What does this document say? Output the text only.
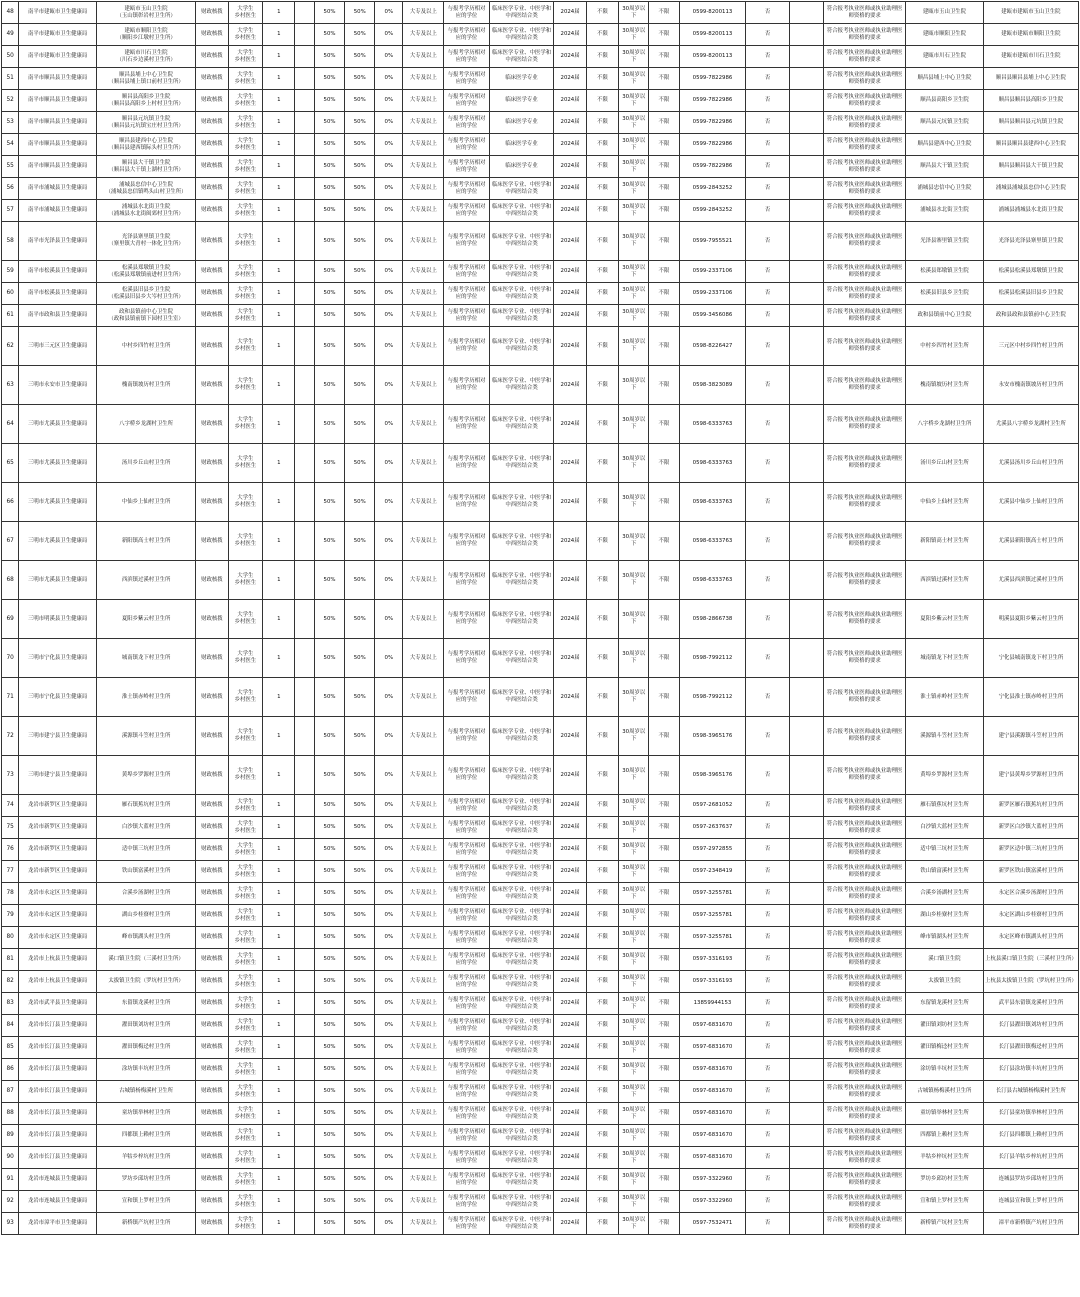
48	南平市建瓯市卫生健康局	建瓯市玉山卫生院
（玉山镇彰岩村卫生所）	财政核拨	大学生
乡村医生	1		50%	50%	0%	大专及以上	与报考学历相对应的学位	临床医学专业、中医学和中西医结合类	2024届	不限	30周岁以下	不限	0599-8200113	否		符合报考执业医师或执业助理医师资格的要求	建瓯市玉山卫生院	建瓯市建瓯市玉山卫生院
49	南平市建瓯市卫生健康局	建瓯市顺阳卫生院
（顺阳乡江墩村卫生所）	财政核拨	大学生
乡村医生	1		50%	50%	0%	大专及以上	与报考学历相对应的学位	临床医学专业、中医学和中西医结合类	2024届	不限	30周岁以下	不限	0599-8200113	否		符合报考执业医师或执业助理医师资格的要求	建瓯市顺阳卫生院	建瓯市建瓯市顺阳卫生院
50	南平市建瓯市卫生健康局	建瓯市川石卫生院
（川石乡边溪村卫生所）	财政核拨	大学生
乡村医生	1		50%	50%	0%	大专及以上	与报考学历相对应的学位	临床医学专业、中医学和中西医结合类	2024届	不限	30周岁以下	不限	0599-8200113	否		符合报考执业医师或执业助理医师资格的要求	建瓯市川石卫生院	建瓯市建瓯市川石卫生院
51	南平市顺昌县卫生健康局	顺昌县埔上中心卫生院
（顺昌县埔上镇口前村卫生所）	财政核拨	大学生
乡村医生	1		50%	50%	0%	大专及以上	与报考学历相对应的学位	临床医学专业	2024届	不限	30周岁以下	不限	0599-7822986	否		符合报考执业医师或执业助理医师资格的要求	顺昌县埔上中心卫生院	顺昌县顺昌县埔上中心卫生院
52	南平市顺昌县卫生健康局	顺昌县高阳乡卫生院
（顺昌县高阳乡上村村卫生所）	财政核拨	大学生
乡村医生	1		50%	50%	0%	大专及以上	与报考学历相对应的学位	临床医学专业	2024届	不限	30周岁以下	不限	0599-7822986	否		符合报考执业医师或执业助理医师资格的要求	顺昌县高阳乡卫生院	顺昌县顺昌县高阳乡卫生院
53	南平市顺昌县卫生健康局	顺昌县元坑镇卫生院
（顺昌县元坑镇宝庄村卫生所）	财政核拨	大学生
乡村医生	1		50%	50%	0%	大专及以上	与报考学历相对应的学位	临床医学专业	2024届	不限	30周岁以下	不限	0599-7822986	否		符合报考执业医师或执业助理医师资格的要求	顺昌县元坑镇卫生院	顺昌县顺昌县元坑镇卫生院
54	南平市顺昌县卫生健康局	顺昌县建西中心卫生院
（顺昌县建西镇际头村卫生所）	财政核拨	大学生
乡村医生	1		50%	50%	0%	大专及以上	与报考学历相对应的学位	临床医学专业	2024届	不限	30周岁以下	不限	0599-7822986	否		符合报考执业医师或执业助理医师资格的要求	顺昌县建西中心卫生院	顺昌县顺昌县建西中心卫生院
55	南平市顺昌县卫生健康局	顺昌县大干镇卫生院
（顺昌县大干镇上湖村卫生所）	财政核拨	大学生
乡村医生	1		50%	50%	0%	大专及以上	与报考学历相对应的学位	临床医学专业	2024届	不限	30周岁以下	不限	0599-7822986	否		符合报考执业医师或执业助理医师资格的要求	顺昌县大干镇卫生院	顺昌县顺昌县大干镇卫生院
56	南平市浦城县卫生健康局	浦城县忠信中心卫生院
（浦城县忠信镇鸣头山村卫生所）	财政核拨	大学生
乡村医生	1		50%	50%	0%	大专及以上	与报考学历相对应的学位	临床医学专业、中医学和中西医结合类	2024届	不限	30周岁以下	不限	0599-2843252	否		符合报考执业医师或执业助理医师资格的要求	浦城县忠信中心卫生院	浦城县浦城县忠信中心卫生院
57	南平市浦城县卫生健康局	浦城县水北街卫生院
（浦城县水北街闽郊村卫生所）	财政核拨	大学生
乡村医生	1		50%	50%	0%	大专及以上	与报考学历相对应的学位	临床医学专业、中医学和中西医结合类	2024届	不限	30周岁以下	不限	0599-2843252	否		符合报考执业医师或执业助理医师资格的要求	浦城县水北街卫生院	浦城县浦城县水北街卫生院
58	南平市光泽县卫生健康局	光泽县寨里镇卫生院
（寨里镇大青村一体化卫生所）	财政核拨	大学生
乡村医生	1		50%	50%	0%	大专及以上	与报考学历相对应的学位	临床医学专业、中医学和中西医结合类	2024届	不限	30周岁以下	不限	0599-7955521	否		符合报考执业医师或执业助理医师资格的要求	光泽县寨里镇卫生院	光泽县光泽县寨里镇卫生院
59	南平市松溪县卫生健康局	松溪县郑墩镇卫生院
（松溪县郑墩镇前进村卫生所）	财政核拨	大学生
乡村医生	1		50%	50%	0%	大专及以上	与报考学历相对应的学位	临床医学专业、中医学和中西医结合类	2024届	不限	30周岁以下	不限	0599-2337106	否		符合报考执业医师或执业助理医师资格的要求	松溪县郑墩镇卫生院	松溪县松溪县郑墩镇卫生院
60	南平市松溪县卫生健康局	松溪县旧县乡卫生院
（松溪县旧县乡大岑村卫生所）	财政核拨	大学生
乡村医生	1		50%	50%	0%	大专及以上	与报考学历相对应的学位	临床医学专业、中医学和中西医结合类	2024届	不限	30周岁以下	不限	0599-2337106	否		符合报考执业医师或执业助理医师资格的要求	松溪县旧县乡卫生院	松溪县松溪县旧县乡卫生院
61	南平市政和县卫生健康局	政和县镇前中心卫生院
（政和县镇前镇下园村卫生室）	财政核拨	大学生
乡村医生	1		50%	50%	0%	大专及以上	与报考学历相对应的学位	临床医学专业、中医学和中西医结合类	2024届	不限	30周岁以下	不限	0599-3456086	否		符合报考执业医师或执业助理医师资格的要求	政和县镇前中心卫生院	政和县政和县镇前中心卫生院
62	三明市三元区卫生健康局	中村乡四竹村卫生所	财政核拨	大学生
乡村医生	1		50%	50%	0%	大专及以上	与报考学历相对应的学位	临床医学专业、中医学和中西医结合类	2024届	不限	30周岁以下	不限	0598-8226427	否		符合报考执业医师或执业助理医师资格的要求	中村乡四竹村卫生所	三元区中村乡四竹村卫生所
63	三明市永安市卫生健康局	槐南镇坡历村卫生所	财政核拨	大学生
乡村医生	1		50%	50%	0%	大专及以上	与报考学历相对应的学位	临床医学专业、中医学和中西医结合类	2024届	不限	30周岁以下	不限	0598-3823089	否		符合报考执业医师或执业助理医师资格的要求	槐南镇坡历村卫生所	永安市槐南镇坡历村卫生所
64	三明市尤溪县卫生健康局	八字桥乡龙湖村卫生所	财政核拨	大学生
乡村医生	1		50%	50%	0%	大专及以上	与报考学历相对应的学位	临床医学专业、中医学和中西医结合类	2024届	不限	30周岁以下	不限	0598-6333763	否		符合报考执业医师或执业助理医师资格的要求	八字桥乡龙湖村卫生所	尤溪县八字桥乡龙湖村卫生所
65	三明市尤溪县卫生健康局	汤川乡丘山村卫生所	财政核拨	大学生
乡村医生	1		50%	50%	0%	大专及以上	与报考学历相对应的学位	临床医学专业、中医学和中西医结合类	2024届	不限	30周岁以下	不限	0598-6333763	否		符合报考执业医师或执业助理医师资格的要求	汤川乡丘山村卫生所	尤溪县汤川乡丘山村卫生所
66	三明市尤溪县卫生健康局	中仙乡上仙村卫生所	财政核拨	大学生
乡村医生	1		50%	50%	0%	大专及以上	与报考学历相对应的学位	临床医学专业、中医学和中西医结合类	2024届	不限	30周岁以下	不限	0598-6333763	否		符合报考执业医师或执业助理医师资格的要求	中仙乡上仙村卫生所	尤溪县中仙乡上仙村卫生所
67	三明市尤溪县卫生健康局	新阳镇高士村卫生所	财政核拨	大学生
乡村医生	1		50%	50%	0%	大专及以上	与报考学历相对应的学位	临床医学专业、中医学和中西医结合类	2024届	不限	30周岁以下	不限	0598-6333763	否		符合报考执业医师或执业助理医师资格的要求	新阳镇高士村卫生所	尤溪县新阳镇高士村卫生所
68	三明市尤溪县卫生健康局	西滨镇过溪村卫生所	财政核拨	大学生
乡村医生	1		50%	50%	0%	大专及以上	与报考学历相对应的学位	临床医学专业、中医学和中西医结合类	2024届	不限	30周岁以下	不限	0598-6333763	否		符合报考执业医师或执业助理医师资格的要求	西滨镇过溪村卫生所	尤溪县西滨镇过溪村卫生所
69	三明市明溪县卫生健康局	夏阳乡紫云村卫生所	财政核拨	大学生
乡村医生	1		50%	50%	0%	大专及以上	与报考学历相对应的学位	临床医学专业、中医学和中西医结合类	2024届	不限	30周岁以下	不限	0598-2866738	否		符合报考执业医师或执业助理医师资格的要求	夏阳乡紫云村卫生所	明溪县夏阳乡紫云村卫生所
70	三明市宁化县卫生健康局	城南镇龙下村卫生所	财政核拨	大学生
乡村医生	1		50%	50%	0%	大专及以上	与报考学历相对应的学位	临床医学专业、中医学和中西医结合类	2024届	不限	30周岁以下	不限	0598-7992112	否		符合报考执业医师或执业助理医师资格的要求	城南镇龙下村卫生所	宁化县城南镇龙下村卫生所
71	三明市宁化县卫生健康局	淮土镇赤岭村卫生所	财政核拨	大学生
乡村医生	1		50%	50%	0%	大专及以上	与报考学历相对应的学位	临床医学专业、中医学和中西医结合类	2024届	不限	30周岁以下	不限	0598-7992112	否		符合报考执业医师或执业助理医师资格的要求	淮土镇赤岭村卫生所	宁化县淮土镇赤岭村卫生所
72	三明市建宁县卫生健康局	溪源镇斗笠村卫生所	财政核拨	大学生
乡村医生	1		50%	50%	0%	大专及以上	与报考学历相对应的学位	临床医学专业、中医学和中西医结合类	2024届	不限	30周岁以下	不限	0598-3965176	否		符合报考执业医师或执业助理医师资格的要求	溪源镇斗笠村卫生所	建宁县溪源镇斗笠村卫生所
73	三明市建宁县卫生健康局	黄埠乡罗源村卫生所	财政核拨	大学生
乡村医生	1		50%	50%	0%	大专及以上	与报考学历相对应的学位	临床医学专业、中医学和中西医结合类	2024届	不限	30周岁以下	不限	0598-3965176	否		符合报考执业医师或执业助理医师资格的要求	黄埠乡罗源村卫生所	建宁县黄埠乡罗源村卫生所
74	龙岩市新罗区卫生健康局	雁石镇蕉坑村卫生所	财政核拨	大学生
乡村医生	1		50%	50%	0%	大专及以上	与报考学历相对应的学位	临床医学专业、中医学和中西医结合类	2024届	不限	30周岁以下	不限	0597-2681052	否		符合报考执业医师或执业助理医师资格的要求	雁石镇蕉坑村卫生所	新罗区雁石镇蕉坑村卫生所
75	龙岩市新罗区卫生健康局	白沙镇大蓝村卫生所	财政核拨	大学生
乡村医生	1		50%	50%	0%	大专及以上	与报考学历相对应的学位	临床医学专业、中医学和中西医结合类	2024届	不限	30周岁以下	不限	0597-2637637	否		符合报考执业医师或执业助理医师资格的要求	白沙镇大蓝村卫生所	新罗区白沙镇大蓝村卫生所
76	龙岩市新罗区卫生健康局	适中镇三坑村卫生所	财政核拨	大学生
乡村医生	1		50%	50%	0%	大专及以上	与报考学历相对应的学位	临床医学专业、中医学和中西医结合类	2024届	不限	30周岁以下	不限	0597-2972855	否		符合报考执业医师或执业助理医师资格的要求	适中镇三坑村卫生所	新罗区适中镇三坑村卫生所
77	龙岩市新罗区卫生健康局	铁山镇富溪村卫生所	财政核拨	大学生
乡村医生	1		50%	50%	0%	大专及以上	与报考学历相对应的学位	临床医学专业、中医学和中西医结合类	2024届	不限	30周岁以下	不限	0597-2348419	否		符合报考执业医师或执业助理医师资格的要求	铁山镇富溪村卫生所	新罗区铁山镇富溪村卫生所
78	龙岩市永定区卫生健康局	合溪乡汤湖村卫生所	财政核拨	大学生
乡村医生	1		50%	50%	0%	大专及以上	与报考学历相对应的学位	临床医学专业、中医学和中西医结合类	2024届	不限	30周岁以下	不限	0597-3255781	否		符合报考执业医师或执业助理医师资格的要求	合溪乡汤湖村卫生所	永定区合溪乡汤湖村卫生所
79	龙岩市永定区卫生健康局	湖山乡桂寮村卫生所	财政核拨	大学生
乡村医生	1		50%	50%	0%	大专及以上	与报考学历相对应的学位	临床医学专业、中医学和中西医结合类	2024届	不限	30周岁以下	不限	0597-3255781	否		符合报考执业医师或执业助理医师资格的要求	湖山乡桂寮村卫生所	永定区湖山乡桂寮村卫生所
80	龙岩市永定区卫生健康局	峰市镇湖头村卫生所	财政核拨	大学生
乡村医生	1		50%	50%	0%	大专及以上	与报考学历相对应的学位	临床医学专业、中医学和中西医结合类	2024届	不限	30周岁以下	不限	0597-3255781	否		符合报考执业医师或执业助理医师资格的要求	峰市镇湖头村卫生所	永定区峰市镇湖头村卫生所
81	龙岩市上杭县卫生健康局	溪口镇卫生院（三溪村卫生所）	财政核拨	大学生
乡村医生	1		50%	50%	0%	大专及以上	与报考学历相对应的学位	临床医学专业、中医学和中西医结合类	2024届	不限	30周岁以下	不限	0597-3316193	否		符合报考执业医师或执业助理医师资格的要求	溪口镇卫生院	上杭县溪口镇卫生院（三溪村卫生所）
82	龙岩市上杭县卫生健康局	太拔镇卫生院（罗坑村卫生所）	财政核拨	大学生
乡村医生	1		50%	50%	0%	大专及以上	与报考学历相对应的学位	临床医学专业、中医学和中西医结合类	2024届	不限	30周岁以下	不限	0597-3316193	否		符合报考执业医师或执业助理医师资格的要求	太拔镇卫生院	上杭县太拔镇卫生院（罗坑村卫生所）
83	龙岩市武平县卫生健康局	东留镇龙溪村卫生所	财政核拨	大学生
乡村医生	1		50%	50%	0%	大专及以上	与报考学历相对应的学位	临床医学专业、中医学和中西医结合类	2024届	不限	30周岁以下	不限	13859944153	否		符合报考执业医师或执业助理医师资格的要求	东留镇龙溪村卫生所	武平县东留镇龙溪村卫生所
84	龙岩市长汀县卫生健康局	濯田镇刘坊村卫生所	财政核拨	大学生
乡村医生	1		50%	50%	0%	大专及以上	与报考学历相对应的学位	临床医学专业、中医学和中西医结合类	2024届	不限	30周岁以下	不限	0597-6831670	否		符合报考执业医师或执业助理医师资格的要求	濯田镇刘坊村卫生所	长汀县濯田镇刘坊村卫生所
85	龙岩市长汀县卫生健康局	濯田镇梅迳村卫生所	财政核拨	大学生
乡村医生	1		50%	50%	0%	大专及以上	与报考学历相对应的学位	临床医学专业、中医学和中西医结合类	2024届	不限	30周岁以下	不限	0597-6831670	否		符合报考执业医师或执业助理医师资格的要求	濯田镇梅迳村卫生所	长汀县濯田镇梅迳村卫生所
86	龙岩市长汀县卫生健康局	涂坊镇丰坑村卫生所	财政核拨	大学生
乡村医生	1		50%	50%	0%	大专及以上	与报考学历相对应的学位	临床医学专业、中医学和中西医结合类	2024届	不限	30周岁以下	不限	0597-6831670	否		符合报考执业医师或执业助理医师资格的要求	涂坊镇丰坑村卫生所	长汀县涂坊镇丰坑村卫生所
87	龙岩市长汀县卫生健康局	古城镇杨梅溪村卫生所	财政核拨	大学生
乡村医生	1		50%	50%	0%	大专及以上	与报考学历相对应的学位	临床医学专业、中医学和中西医结合类	2024届	不限	30周岁以下	不限	0597-6831670	否		符合报考执业医师或执业助理医师资格的要求	古城镇杨梅溪村卫生所	长汀县古城镇杨梅溪村卫生所
88	龙岩市长汀县卫生健康局	童坊镇举林村卫生所	财政核拨	大学生
乡村医生	1		50%	50%	0%	大专及以上	与报考学历相对应的学位	临床医学专业、中医学和中西医结合类	2024届	不限	30周岁以下	不限	0597-6831670	否		符合报考执业医师或执业助理医师资格的要求	童坊镇举林村卫生所	长汀县童坊镇举林村卫生所
89	龙岩市长汀县卫生健康局	四都镇上赖村卫生所	财政核拨	大学生
乡村医生	1		50%	50%	0%	大专及以上	与报考学历相对应的学位	临床医学专业、中医学和中西医结合类	2024届	不限	30周岁以下	不限	0597-6831670	否		符合报考执业医师或执业助理医师资格的要求	四都镇上赖村卫生所	长汀县四都镇上赖村卫生所
90	龙岩市长汀县卫生健康局	羊牯乡梓坑村卫生所	财政核拨	大学生
乡村医生	1		50%	50%	0%	大专及以上	与报考学历相对应的学位	临床医学专业、中医学和中西医结合类	2024届	不限	30周岁以下	不限	0597-6831670	否		符合报考执业医师或执业助理医师资格的要求	羊牯乡梓坑村卫生所	长汀县羊牯乡梓坑村卫生所
91	龙岩市连城县卫生健康局	罗坊乡邱坊村卫生所	财政核拨	大学生
乡村医生	1		50%	50%	0%	大专及以上	与报考学历相对应的学位	临床医学专业、中医学和中西医结合类	2024届	不限	30周岁以下	不限	0597-3322960	否		符合报考执业医师或执业助理医师资格的要求	罗坊乡邱坊村卫生所	连城县罗坊乡邱坊村卫生所
92	龙岩市连城县卫生健康局	宣和镇上罗村卫生所	财政核拨	大学生
乡村医生	1		50%	50%	0%	大专及以上	与报考学历相对应的学位	临床医学专业、中医学和中西医结合类	2024届	不限	30周岁以下	不限	0597-3322960	否		符合报考执业医师或执业助理医师资格的要求	宣和镇上罗村卫生所	连城县宣和镇上罗村卫生所
93	龙岩市漳平市卫生健康局	新桥镇产坑村卫生所	财政核拨	大学生
乡村医生	1		50%	50%	0%	大专及以上	与报考学历相对应的学位	临床医学专业、中医学和中西医结合类	2024届	不限	30周岁以下	不限	0597-7532471	否		符合报考执业医师或执业助理医师资格的要求	新桥镇产坑村卫生所	漳平市新桥镇产坑村卫生所
